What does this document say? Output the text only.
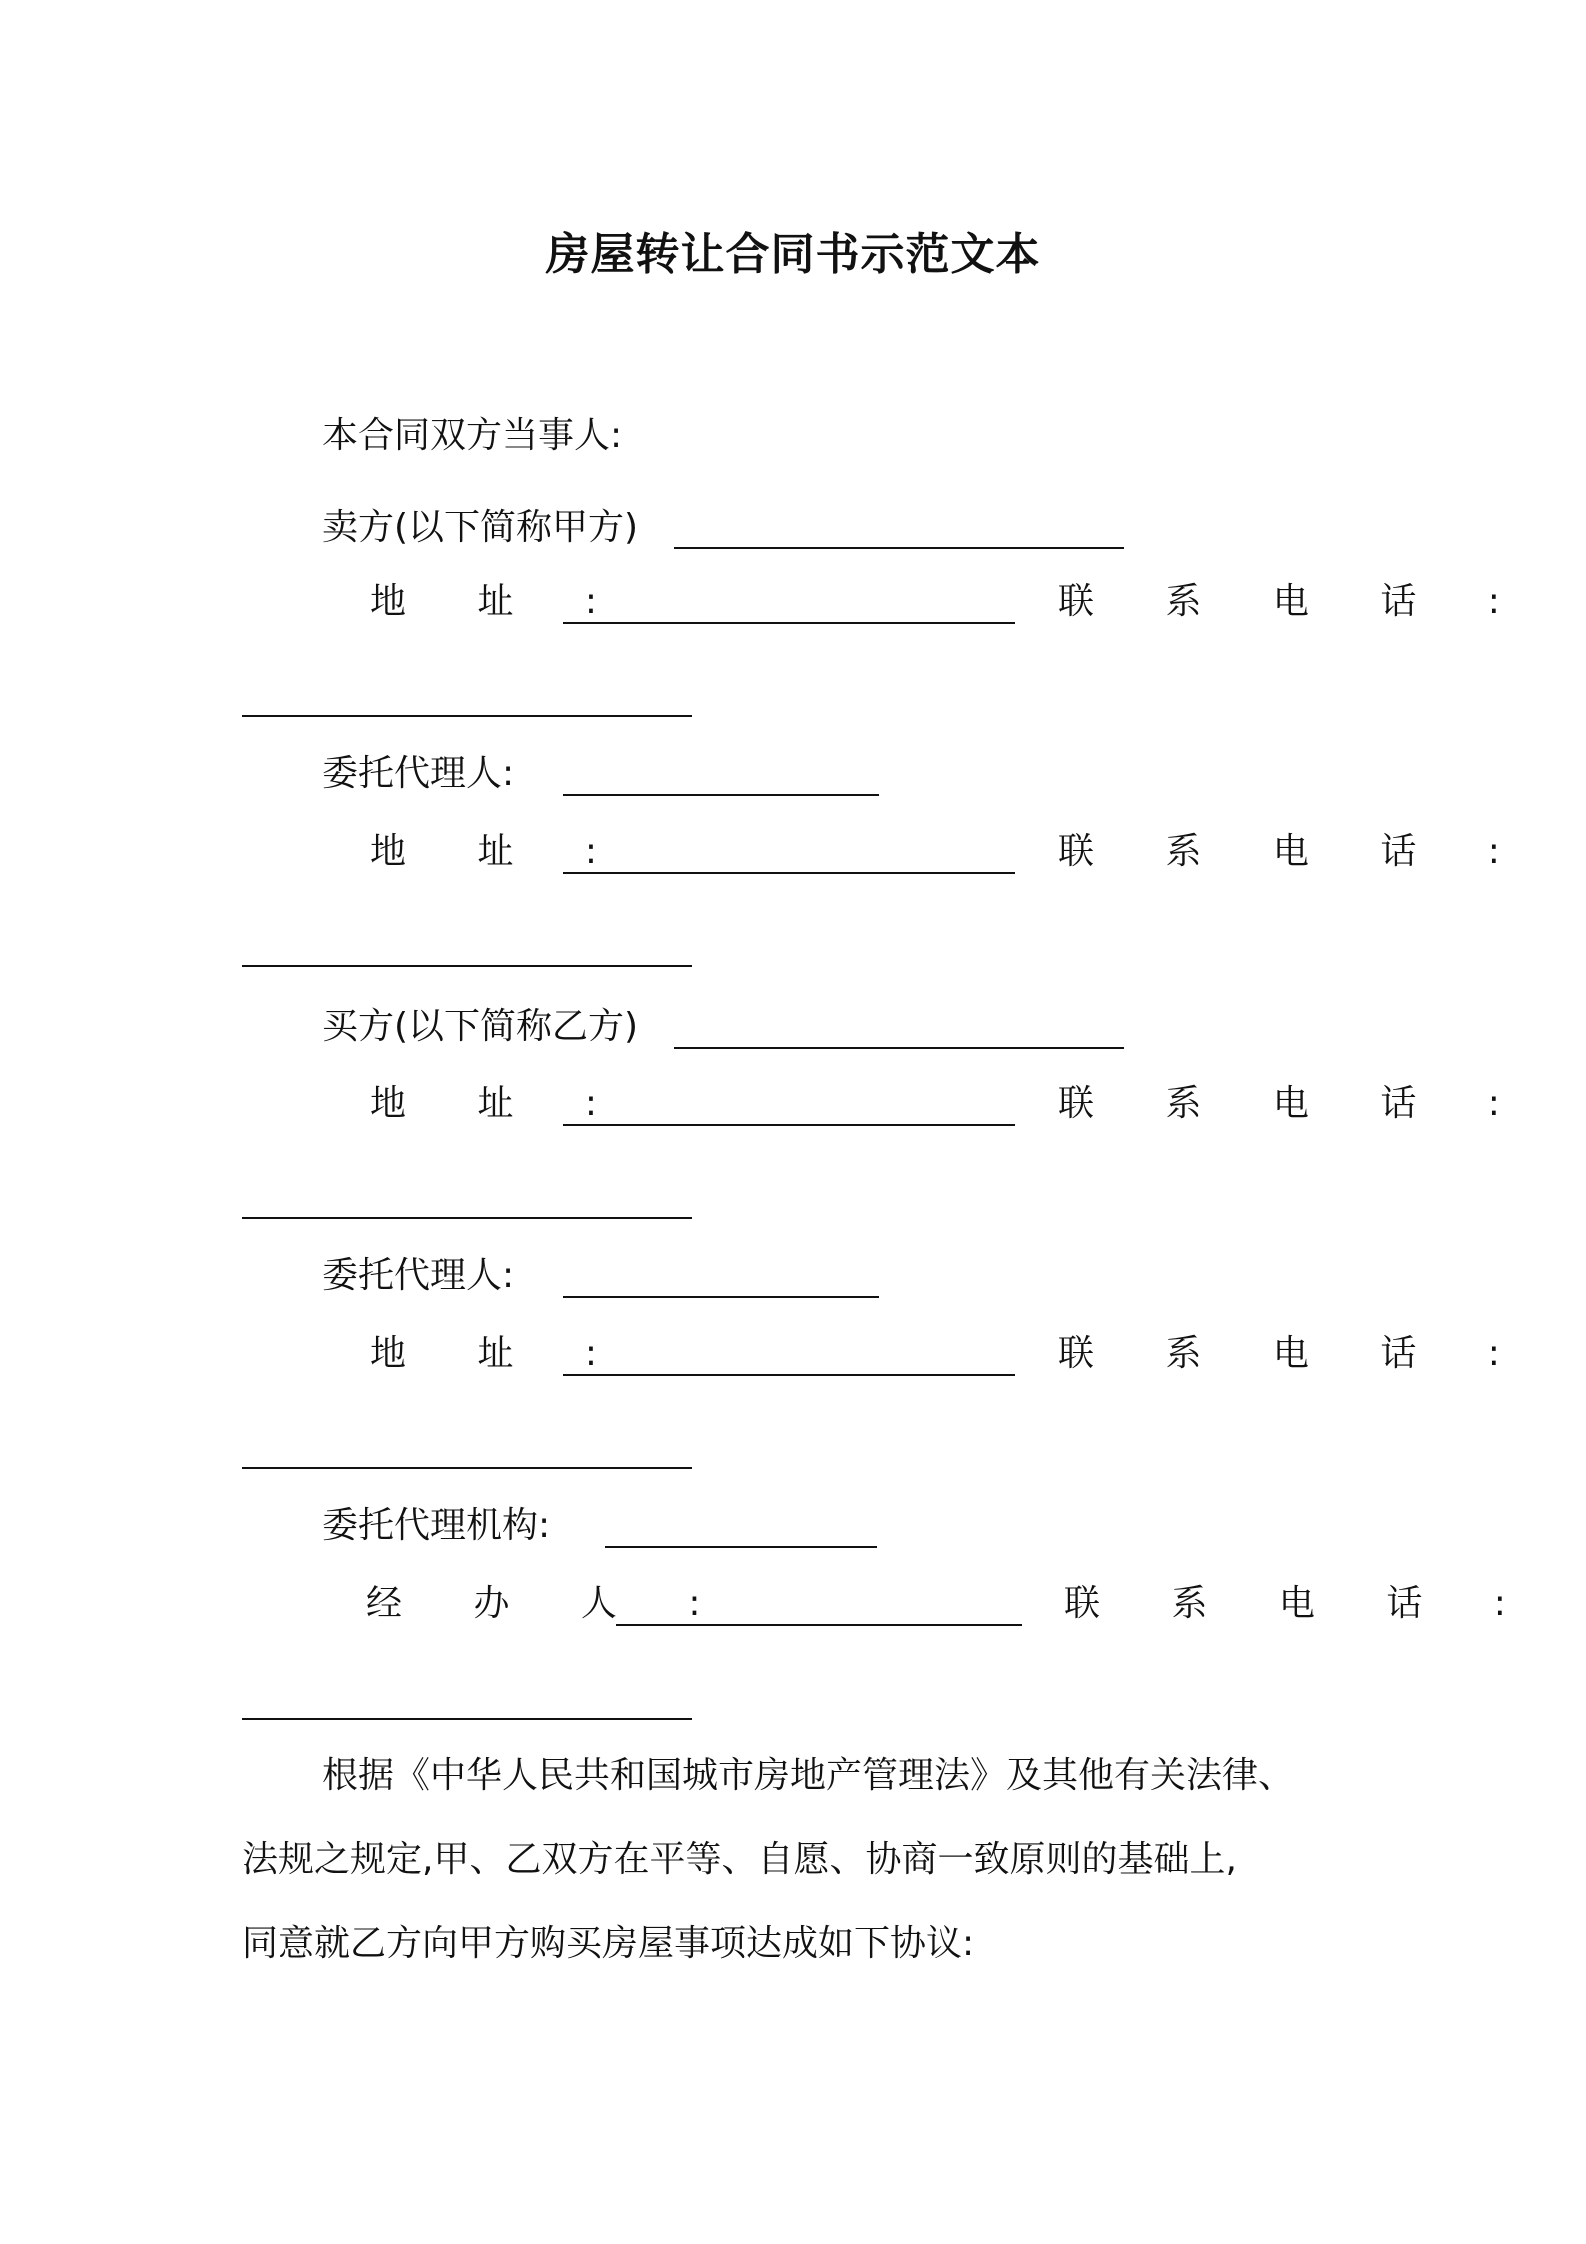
房屋转让合同书示范文本
本合同双方当事人:
卖方(以下简称甲方)
地 址 :	联 系 电 话 :
委托代理人:
地 址 :	联 系 电 话 :
买方(以下简称乙方)
地 址 :	联 系 电 话 :
委托代理人:
地 址 :	联 系 电 话 :
委托代理机构:
经 办 人 :	联 系 电 话 :
根据《中华人民共和国城市房地产管理法》及其他有关法律、
法规之规定,甲、乙双方在平等、自愿、协商一致原则的基础上,
同意就乙方向甲方购买房屋事项达成如下协议:
